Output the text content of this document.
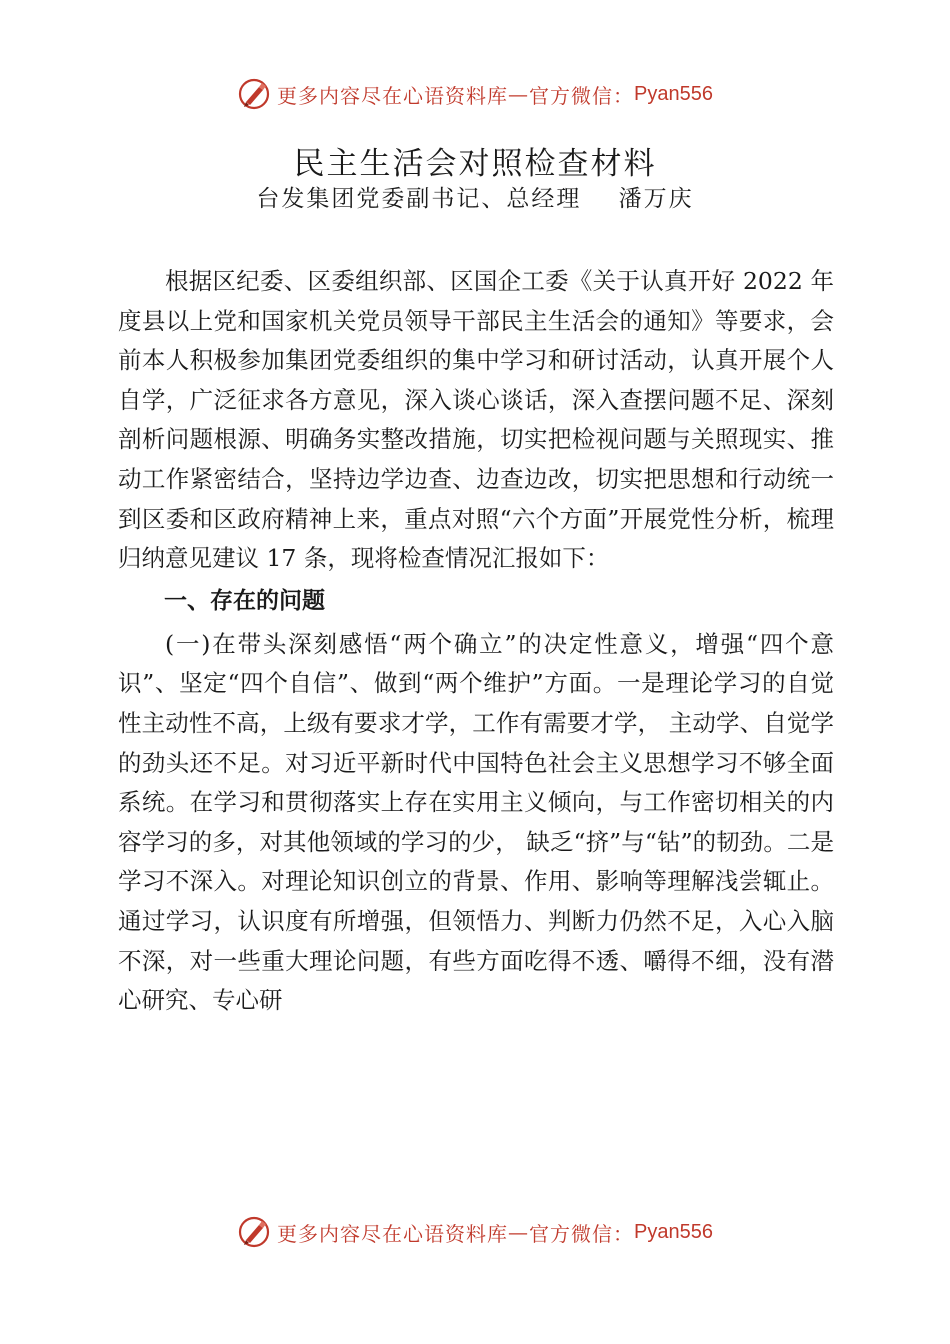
更多内容尽在心语资料库 — 官方微信： Pyan556
民主生活会对照检查材料
台发集团党委副书记、总经理    潘万庆

根据区纪委、区委组织部、区国企工委《关于认真开好 2022 年度县以上党和国家机关党员领导干部民主生活会的通知》等要求，会前本人积极参加集团党委组织的集中学习和研讨活动，认真开展个人自学，广泛征求各方意见，深入谈心谈话，深入查摆问题不足、深刻剖析问题根源、明确务实整改措施，切实把检视问题与关照现实、推动工作紧密结合，坚持边学边查、边查边改，切实把思想和行动统一到区委和区政府精神上来，重点对照“六个方面”开展党性分析，梳理归纳意见建议 17 条，现将检查情况汇报如下：

一、存在的问题

(一)在带头深刻感悟“两个确立”的决定性意义，增强“四个意识”、坚定“四个自信”、做到“两个维护”方面。一是理论学习的自觉性主动性不高，上级有要求才学，工作有需要才学， 主动学、自觉学的劲头还不足。对习近平新时代中国特色社会主义思想学习不够全面系统。在学习和贯彻落实上存在实用主义倾向，与工作密切相关的内容学习的多，对其他领域的学习的少， 缺乏“挤”与“钻”的韧劲。二是学习不深入。对理论知识创立的背景、作用、影响等理解浅尝辄止。通过学习，认识度有所增强，但领悟力、判断力仍然不足，入心入脑不深，对一些重大理论问题，有些方面吃得不透、嚼得不细，没有潜心研究、专心研

更多内容尽在心语资料库 — 官方微信： Pyan556
